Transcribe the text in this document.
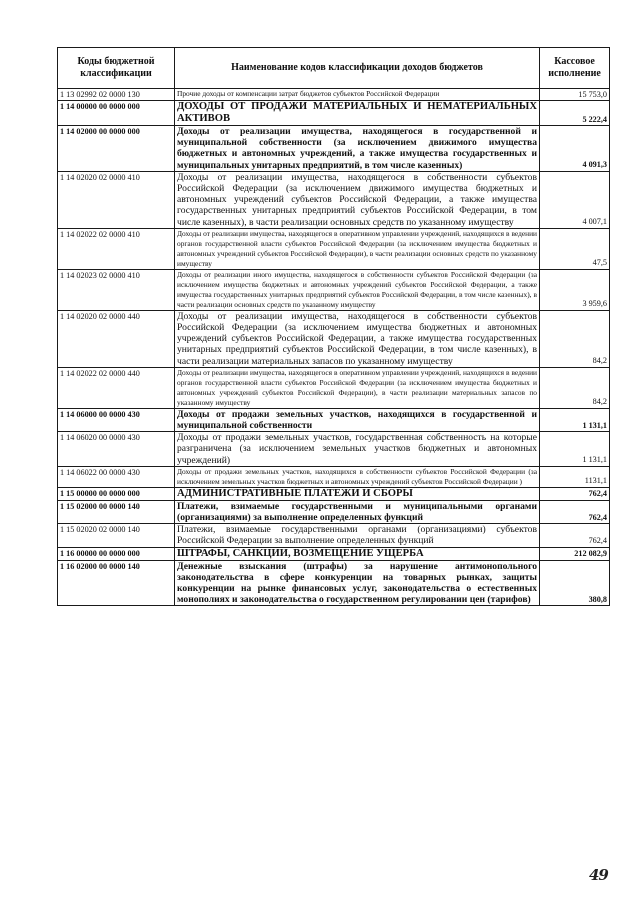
Коды бюджетной классификации	Наименование кодов классификации доходов бюджетов	Кассовое исполнение
1 13 02992 02 0000 130	Прочие доходы от компенсации затрат бюджетов субъектов Российской Федерации	15 753,0
1 14 00000 00 0000 000	ДОХОДЫ ОТ ПРОДАЖИ МАТЕРИАЛЬНЫХ И НЕМАТЕРИАЛЬНЫХ АКТИВОВ	5 222,4
1 14 02000 00 0000 000	Доходы от реализации имущества, находящегося в государственной и муниципальной собственности (за исключением движимого имущества бюджетных и автономных учреждений, а также имущества государственных и муниципальных унитарных предприятий, в том числе казенных)	4 091,3
1 14 02020 02 0000 410	Доходы от реализации имущества, находящегося в собственности субъектов Российской Федерации (за исключением движимого имущества бюджетных и автономных учреждений субъектов Российской Федерации, а также имущества государственных унитарных предприятий субъектов Российской Федерации, в том числе казенных), в части реализации основных средств по указанному имуществу	4 007,1
1 14 02022 02 0000 410	Доходы от реализации имущества, находящегося в оперативном управлении учреждений, находящихся в ведении органов государственной власти субъектов Российской Федерации (за исключением имущества бюджетных и автономных учреждений субъектов Российской Федерации), в части реализации основных средств по указанному имуществу	47,5
1 14 02023 02 0000 410	Доходы от реализации иного имущества, находящегося в собственности субъектов Российской Федерации (за исключением имущества бюджетных и автономных учреждений субъектов Российской Федерации, а также имущества государственных унитарных предприятий субъектов Российской Федерации, в том числе казенных), в части реализации основных средств по указанному имуществу	3 959,6
1 14 02020 02 0000 440	Доходы от реализации имущества, находящегося в собственности субъектов Российской Федерации (за исключением имущества бюджетных и автономных учреждений субъектов Российской Федерации, а также имущества государственных унитарных предприятий субъектов Российской Федерации, в том числе казенных), в части реализации материальных запасов по указанному имуществу	84,2
1 14 02022 02 0000 440	Доходы от реализации имущества, находящегося в оперативном управлении учреждений, находящихся в ведении органов государственной власти субъектов Российской Федерации (за исключением имущества бюджетных и автономных учреждений субъектов Российской Федерации), в части реализации материальных запасов по указанному имуществу	84,2
1 14 06000 00 0000 430	Доходы от продажи земельных участков, находящихся в государственной и муниципальной собственности	1 131,1
1 14 06020 00 0000 430	Доходы от продажи земельных участков, государственная собственность на которые разграничена (за исключением земельных участков бюджетных и автономных учреждений)	1 131,1
1 14 06022 00 0000 430	Доходы от продажи земельных участков, находящихся в собственности субъектов Российской Федерации (за исключением земельных участков бюджетных и автономных учреждений субъектов Российской Федерации )	1131,1
1 15 00000 00 0000 000	АДМИНИСТРАТИВНЫЕ ПЛАТЕЖИ И СБОРЫ	762,4
1 15 02000 00 0000 140	Платежи, взимаемые государственными и муниципальными органами (организациями) за выполнение определенных функций	762,4
1 15 02020 02 0000 140	Платежи, взимаемые государственными органами (организациями) субъектов Российской Федерации за выполнение определенных функций	762,4
1 16 00000 00 0000 000	ШТРАФЫ, САНКЦИИ, ВОЗМЕЩЕНИЕ УЩЕРБА	212 082,9
1 16 02000 00 0000 140	Денежные взыскания (штрафы) за нарушение антимонопольного законодательства в сфере конкуренции на товарных рынках, защиты конкуренции на рынке финансовых услуг, законодательства о естественных монополиях и законодательства о государственном регулировании цен (тарифов)	380,8
49
